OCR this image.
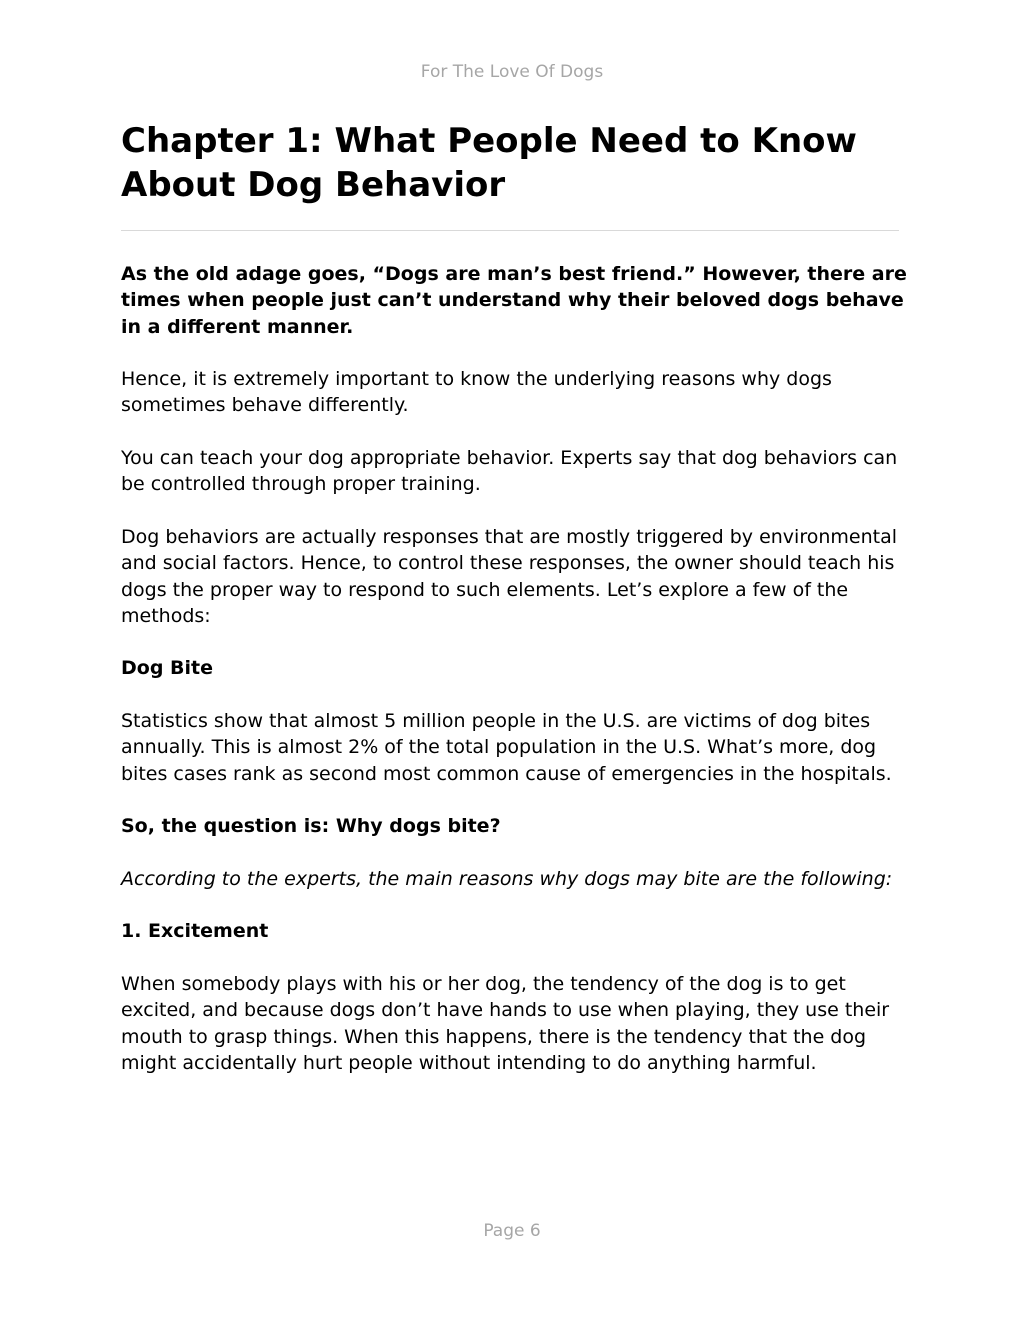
For The Love Of Dogs
Chapter 1: What People Need to Know About Dog Behavior

As the old adage goes, “Dogs are man’s best friend.” However, there are times when people just can’t understand why their beloved dogs behave in a different manner.

Hence, it is extremely important to know the underlying reasons why dogs sometimes behave differently.

You can teach your dog appropriate behavior. Experts say that dog behaviors can be controlled through proper training.

Dog behaviors are actually responses that are mostly triggered by environmental and social factors. Hence, to control these responses, the owner should teach his dogs the proper way to respond to such elements. Let’s explore a few of the methods:

Dog Bite

Statistics show that almost 5 million people in the U.S. are victims of dog bites annually. This is almost 2% of the total population in the U.S. What’s more, dog bites cases rank as second most common cause of emergencies in the hospitals.

So, the question is: Why dogs bite?

According to the experts, the main reasons why dogs may bite are the following:

1. Excitement

When somebody plays with his or her dog, the tendency of the dog is to get excited, and because dogs don’t have hands to use when playing, they use their mouth to grasp things. When this happens, there is the tendency that the dog might accidentally hurt people without intending to do anything harmful.

Page 6
